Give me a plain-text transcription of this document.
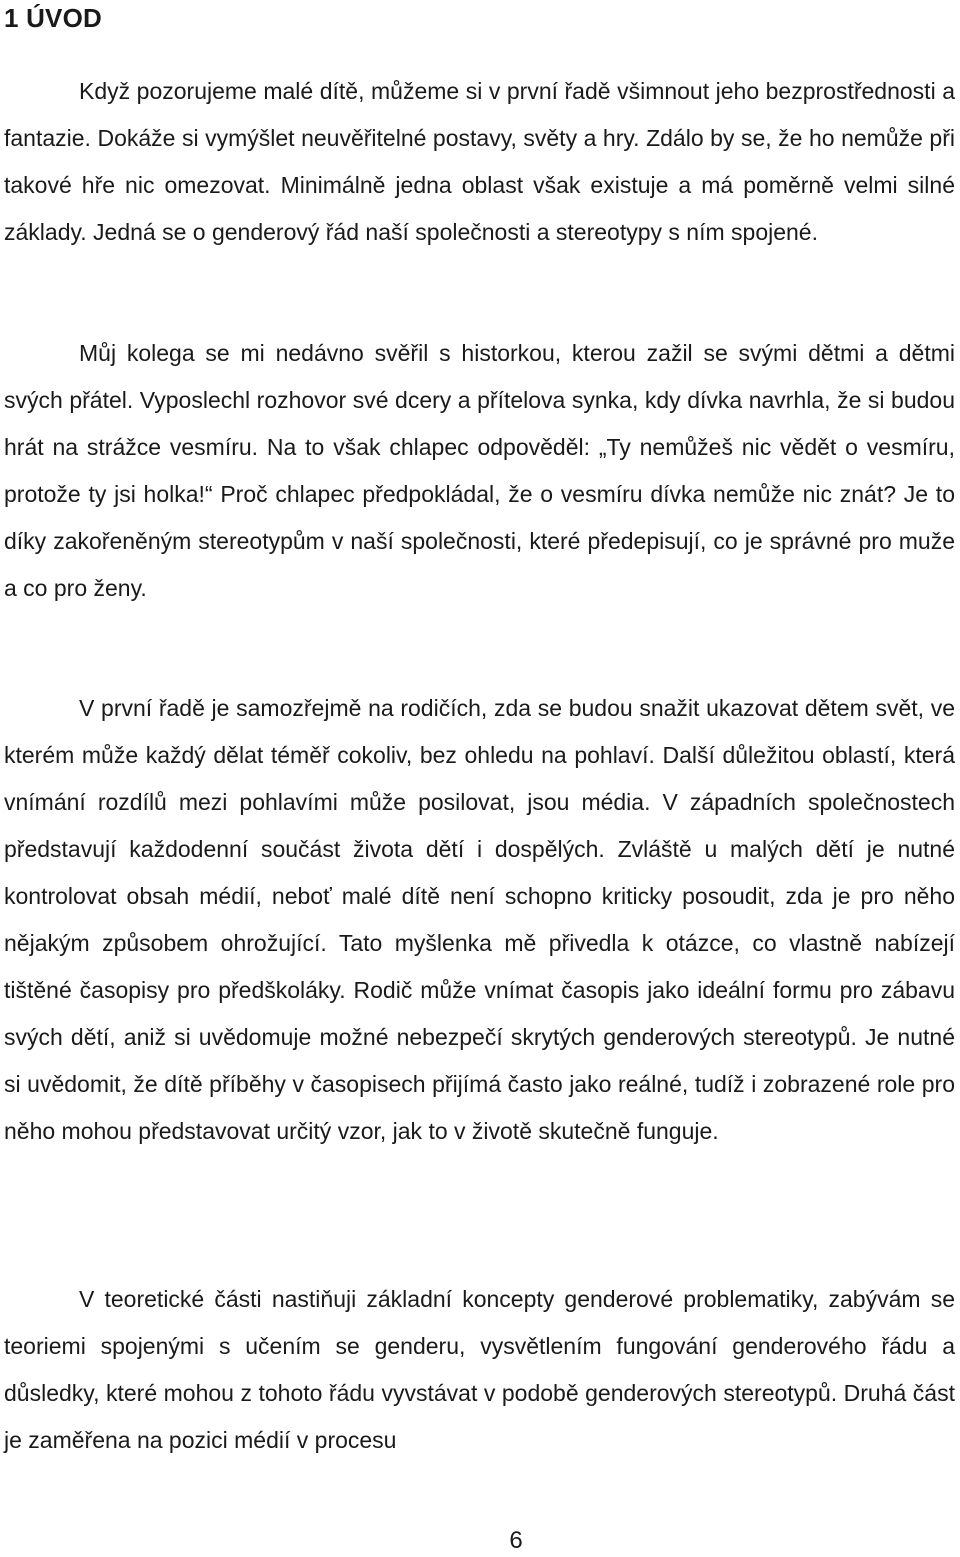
1 ÚVOD

Když pozorujeme malé dítě, můžeme si v první řadě všimnout jeho bezprostřednosti a fantazie. Dokáže si vymýšlet neuvěřitelné postavy, světy a hry. Zdálo by se, že ho nemůže při takové hře nic omezovat. Minimálně jedna oblast však existuje a má poměrně velmi silné základy. Jedná se o genderový řád naší společnosti a stereotypy s ním spojené.

Můj kolega se mi nedávno svěřil s historkou, kterou zažil se svými dětmi a dětmi svých přátel. Vyposlechl rozhovor své dcery a přítelova synka, kdy dívka navrhla, že si budou hrát na strážce vesmíru. Na to však chlapec odpověděl: „Ty nemůžeš nic vědět o vesmíru, protože ty jsi holka!“ Proč chlapec předpokládal, že o vesmíru dívka nemůže nic znát? Je to díky zakořeněným stereotypům v naší společnosti, které předepisují, co je správné pro muže a co pro ženy.

V první řadě je samozřejmě na rodičích, zda se budou snažit ukazovat dětem svět, ve kterém může každý dělat téměř cokoliv, bez ohledu na pohlaví. Další důležitou oblastí, která vnímání rozdílů mezi pohlavími může posilovat, jsou média. V západních společnostech představují každodenní součást života dětí i dospělých. Zvláště u malých dětí je nutné kontrolovat obsah médií, neboť malé dítě není schopno kriticky posoudit, zda je pro něho nějakým způsobem ohrožující. Tato myšlenka mě přivedla k otázce, co vlastně nabízejí tištěné časopisy pro předškoláky. Rodič může vnímat časopis jako ideální formu pro zábavu svých dětí, aniž si uvědomuje možné nebezpečí skrytých genderových stereotypů. Je nutné si uvědomit, že dítě příběhy v časopisech přijímá často jako reálné, tudíž i zobrazené role pro něho mohou představovat určitý vzor, jak to v životě skutečně funguje.

V teoretické části nastiňuji základní koncepty genderové problematiky, zabývám se teoriemi spojenými s učením se genderu, vysvětlením fungování genderového řádu a důsledky, které mohou z tohoto řádu vyvstávat v podobě genderových stereotypů. Druhá část je zaměřena na pozici médií v procesu

6
